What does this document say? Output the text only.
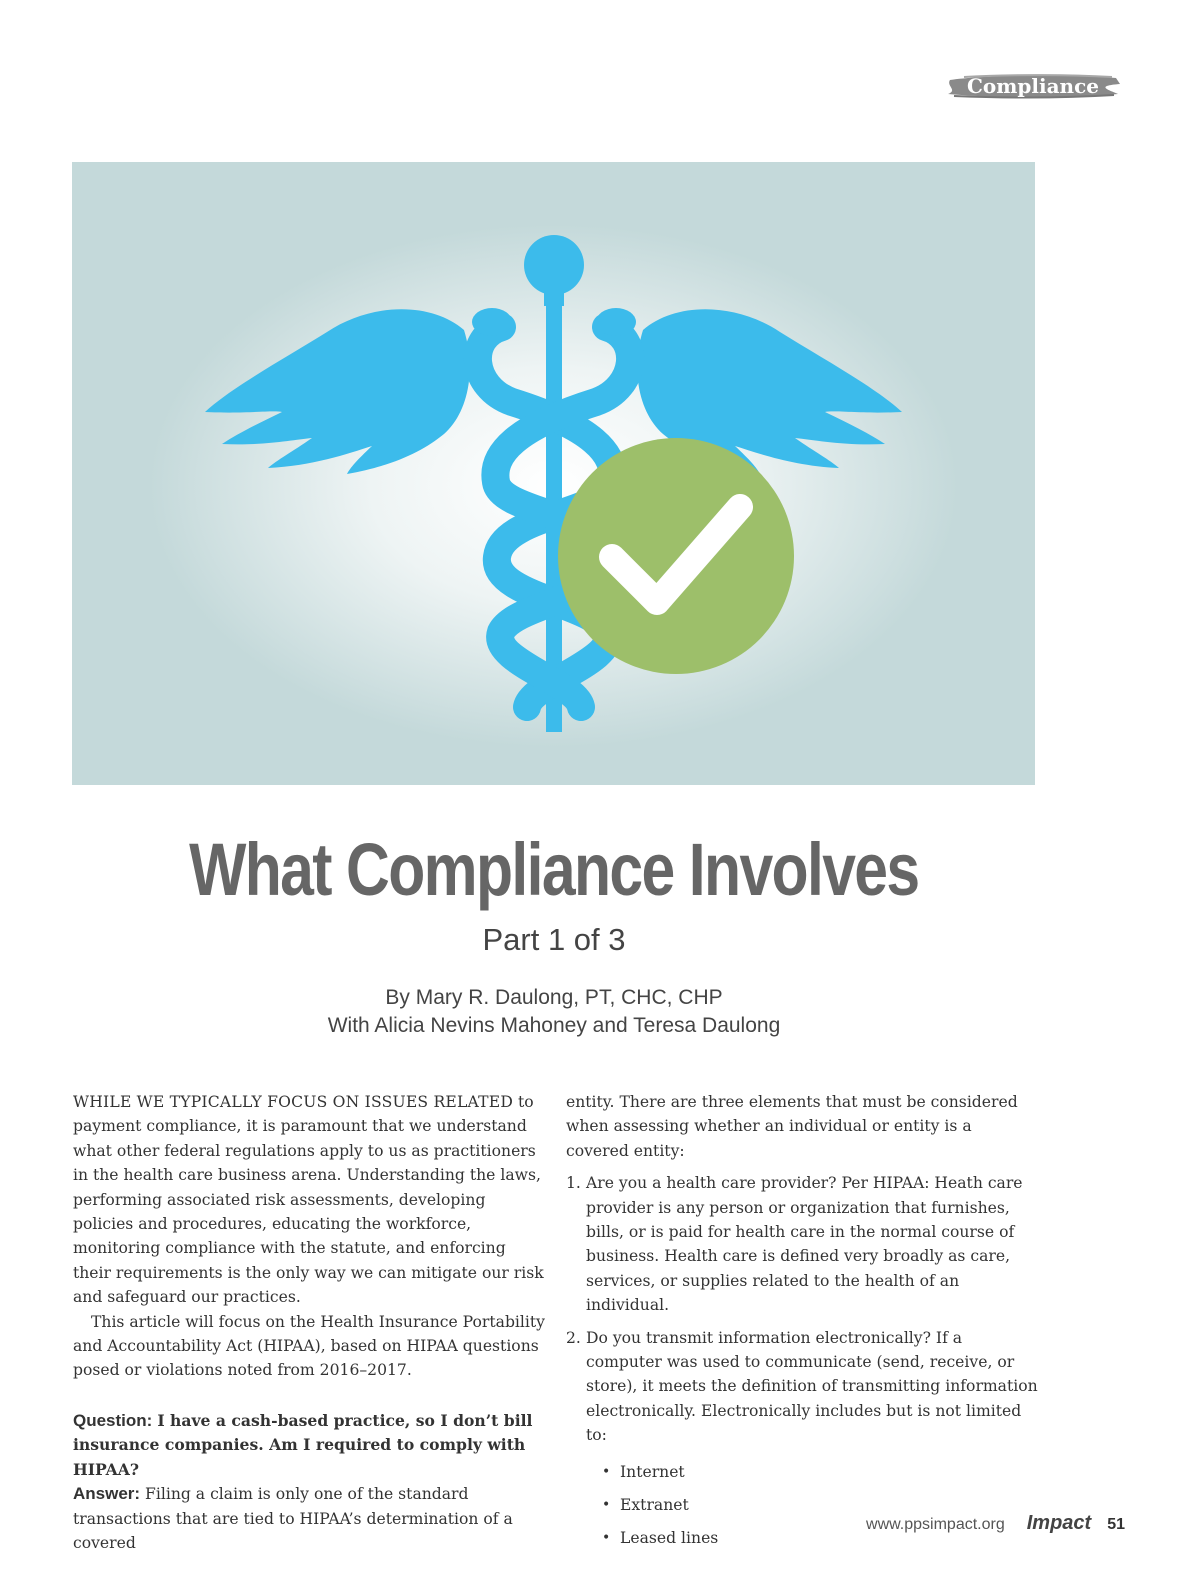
Compliance
What Compliance Involves
Part 1 of 3
By Mary R. Daulong, PT, CHC, CHP
With Alicia Nevins Mahoney and Teresa Daulong

WHILE WE TYPICALLY FOCUS ON ISSUES RELATED to payment compliance, it is paramount that we understand what other federal regulations apply to us as practitioners in the health care business arena. Understanding the laws, performing associated risk assessments, developing policies and procedures, educating the workforce, monitoring compliance with the statute, and enforcing their requirements is the only way we can mitigate our risk and safeguard our practices.

This article will focus on the Health Insurance Portability and Accountability Act (HIPAA), based on HIPAA questions posed or violations noted from 2016–2017.

Question: I have a cash-based practice, so I don’t bill insurance companies. Am I required to comply with HIPAA?
Answer: Filing a claim is only one of the standard transactions that are tied to HIPAA’s determination of a covered

entity. There are three elements that must be considered when assessing whether an individual or entity is a covered entity:

1. Are you a health care provider? Per HIPAA: Heath care provider is any person or organization that furnishes, bills, or is paid for health care in the normal course of business. Health care is defined very broadly as care, services, or supplies related to the health of an individual.
2. Do you transmit information electronically? If a computer was used to communicate (send, receive, or store), it meets the definition of transmitting information electronically. Electronically includes but is not limited to:
• Internet
• Extranet
• Leased lines
www.ppsimpact.org Impact 51
